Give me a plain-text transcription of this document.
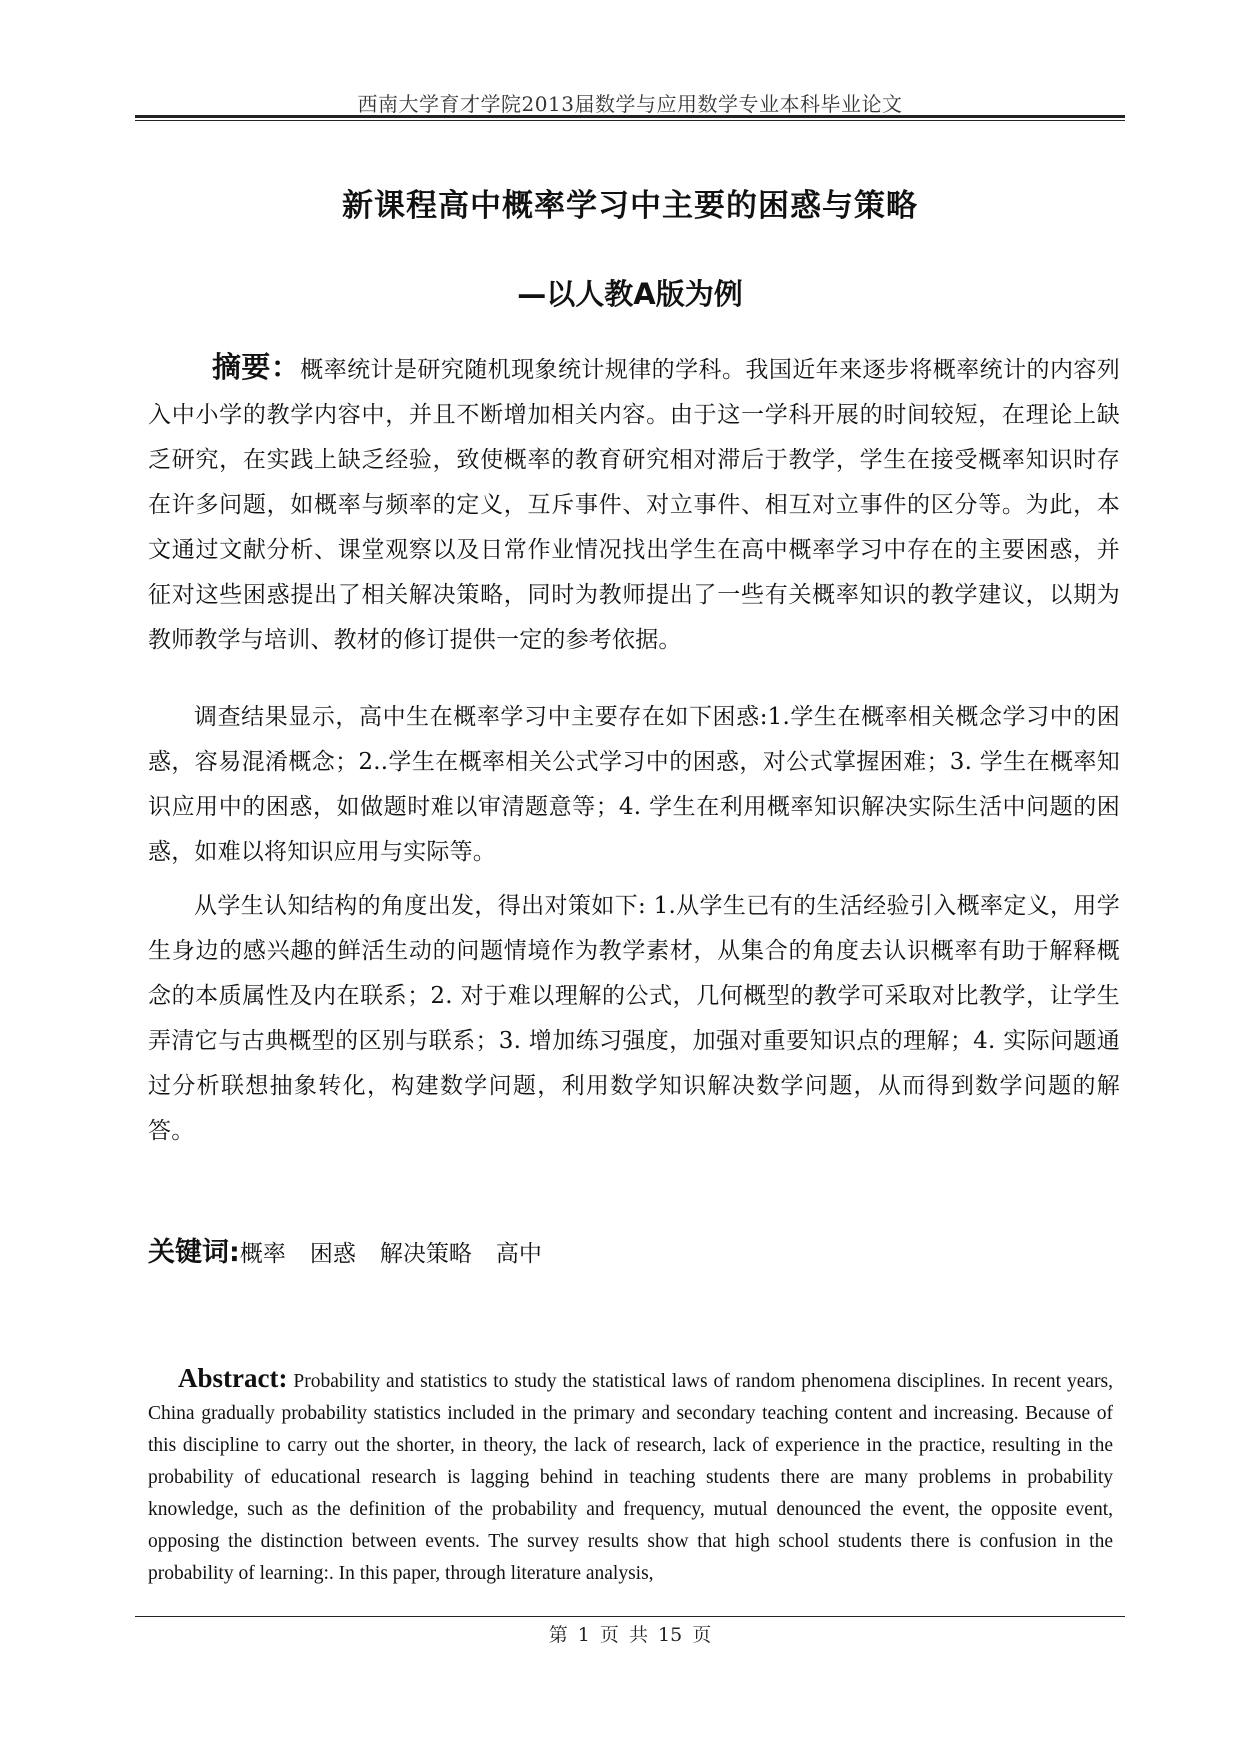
西南大学育才学院2013届数学与应用数学专业本科毕业论文
新课程高中概率学习中主要的困惑与策略
—以人教A版为例
摘要：概率统计是研究随机现象统计规律的学科。我国近年来逐步将概率统计的内容列入中小学的教学内容中，并且不断增加相关内容。由于这一学科开展的时间较短，在理论上缺乏研究，在实践上缺乏经验，致使概率的教育研究相对滞后于教学，学生在接受概率知识时存在许多问题，如概率与频率的定义，互斥事件、对立事件、相互对立事件的区分等。为此，本文通过文献分析、课堂观察以及日常作业情况找出学生在高中概率学习中存在的主要困惑，并征对这些困惑提出了相关解决策略，同时为教师提出了一些有关概率知识的教学建议，以期为教师教学与培训、教材的修订提供一定的参考依据。
调查结果显示，高中生在概率学习中主要存在如下困惑:1.学生在概率相关概念学习中的困惑，容易混淆概念；2..学生在概率相关公式学习中的困惑，对公式掌握困难；3. 学生在概率知识应用中的困惑，如做题时难以审清题意等；4. 学生在利用概率知识解决实际生活中问题的困惑，如难以将知识应用与实际等。
从学生认知结构的角度出发，得出对策如下: 1.从学生已有的生活经验引入概率定义，用学生身边的感兴趣的鲜活生动的问题情境作为教学素材，从集合的角度去认识概率有助于解释概念的本质属性及内在联系；2. 对于难以理解的公式，几何概型的教学可采取对比教学，让学生弄清它与古典概型的区别与联系；3. 增加练习强度，加强对重要知识点的理解；4. 实际问题通过分析联想抽象转化，构建数学问题，利用数学知识解决数学问题，从而得到数学问题的解答。
关键词:概率 困惑 解决策略 高中
Abstract: Probability and statistics to study the statistical laws of random phenomena disciplines. In recent years, China gradually probability statistics included in the primary and secondary teaching content and increasing. Because of this discipline to carry out the shorter, in theory, the lack of research, lack of experience in the practice, resulting in the probability of educational research is lagging behind in teaching students there are many problems in probability knowledge, such as the definition of the probability and frequency, mutual denounced the event, the opposite event, opposing the distinction between events. The survey results show that high school students there is confusion in the probability of learning:. In this paper, through literature analysis,
第 1 页 共 15 页
